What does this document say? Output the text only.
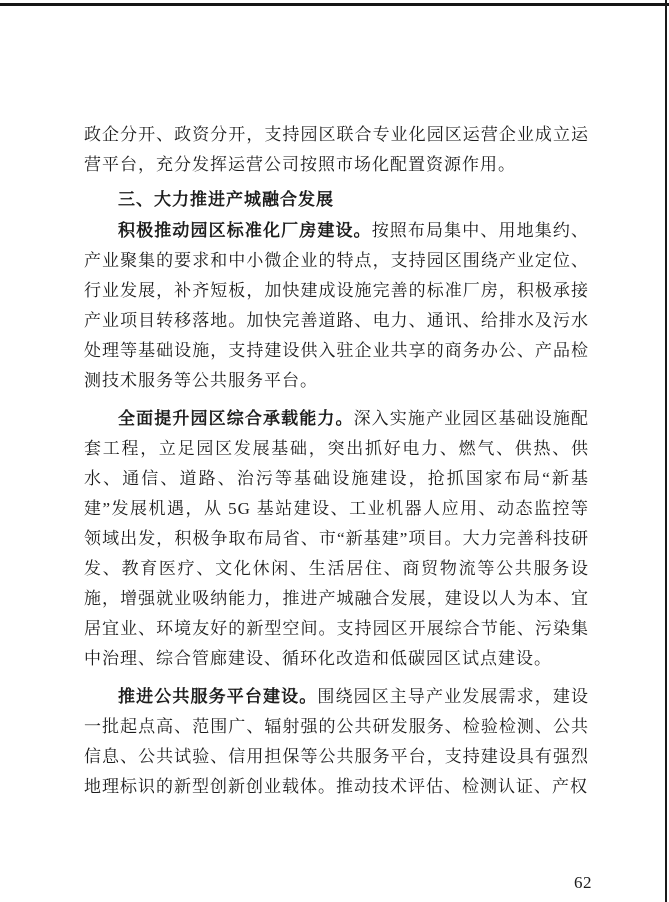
政企分开、政资分开，支持园区联合专业化园区运营企业成立运营平台，充分发挥运营公司按照市场化配置资源作用。

三、大力推进产城融合发展

积极推动园区标准化厂房建设。按照布局集中、用地集约、产业聚集的要求和中小微企业的特点，支持园区围绕产业定位、行业发展，补齐短板，加快建成设施完善的标准厂房，积极承接产业项目转移落地。加快完善道路、电力、通讯、给排水及污水处理等基础设施，支持建设供入驻企业共享的商务办公、产品检测技术服务等公共服务平台。

全面提升园区综合承载能力。深入实施产业园区基础设施配套工程，立足园区发展基础，突出抓好电力、燃气、供热、供水、通信、道路、治污等基础设施建设，抢抓国家布局“新基建”发展机遇，从 5G 基站建设、工业机器人应用、动态监控等领域出发，积极争取布局省、市“新基建”项目。大力完善科技研发、教育医疗、文化休闲、生活居住、商贸物流等公共服务设施，增强就业吸纳能力，推进产城融合发展，建设以人为本、宜居宜业、环境友好的新型空间。支持园区开展综合节能、污染集中治理、综合管廊建设、循环化改造和低碳园区试点建设。

推进公共服务平台建设。围绕园区主导产业发展需求，建设一批起点高、范围广、辐射强的公共研发服务、检验检测、公共信息、公共试验、信用担保等公共服务平台，支持建设具有强烈地理标识的新型创新创业载体。推动技术评估、检测认证、产权

62
